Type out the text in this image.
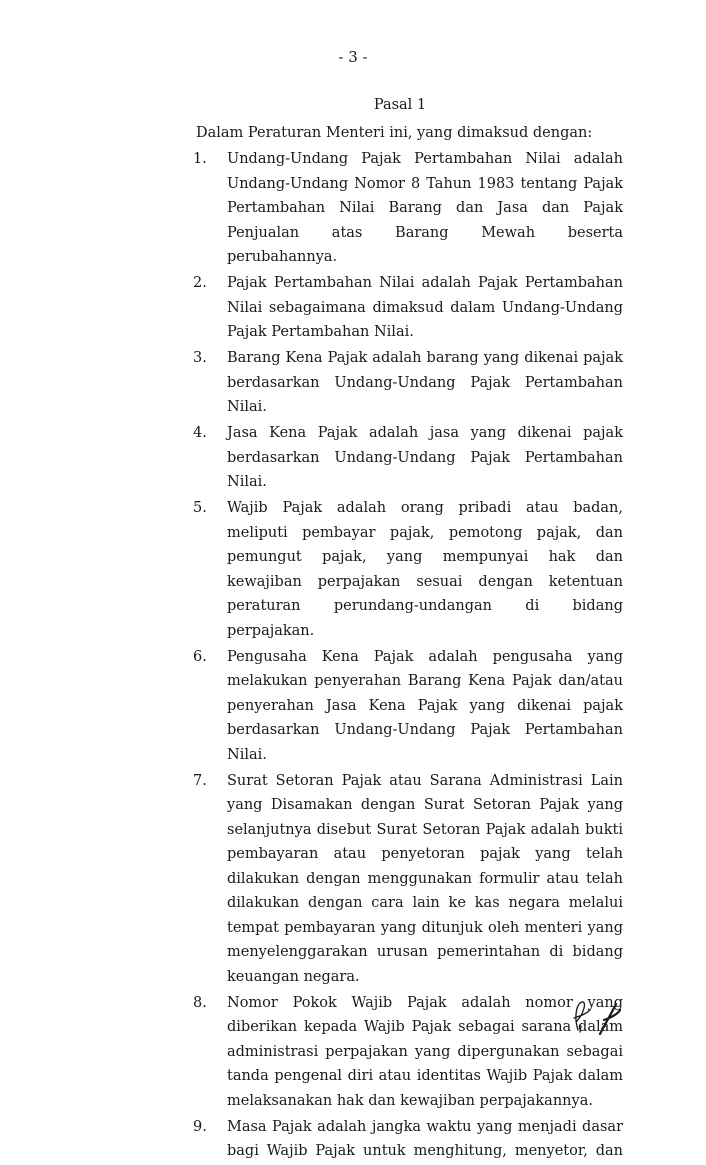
- 3 -
Pasal 1
Dalam Peraturan Menteri ini, yang dimaksud dengan:
1.	Undang-Undang Pajak Pertambahan Nilai adalah Undang-Undang Nomor 8 Tahun 1983 tentang Pajak Pertambahan Nilai Barang dan Jasa dan Pajak Penjualan atas Barang Mewah beserta perubahannya.
2.	Pajak Pertambahan Nilai adalah Pajak Pertambahan Nilai sebagaimana dimaksud dalam Undang-Undang Pajak Pertambahan Nilai.
3.	Barang Kena Pajak adalah barang yang dikenai pajak berdasarkan Undang-Undang Pajak Pertambahan Nilai.
4.	Jasa Kena Pajak adalah jasa yang dikenai pajak berdasarkan Undang-Undang Pajak Pertambahan Nilai.
5.	Wajib Pajak adalah orang pribadi atau badan, meliputi pembayar pajak, pemotong pajak, dan pemungut pajak, yang mempunyai hak dan kewajiban perpajakan sesuai dengan ketentuan peraturan perundang-undangan di bidang perpajakan.
6.	Pengusaha Kena Pajak adalah pengusaha yang melakukan penyerahan Barang Kena Pajak dan/atau penyerahan Jasa Kena Pajak yang dikenai pajak berdasarkan Undang-Undang Pajak Pertambahan Nilai.
7.	Surat Setoran Pajak atau Sarana Administrasi Lain yang Disamakan dengan Surat Setoran Pajak yang selanjutnya disebut Surat Setoran Pajak adalah bukti pembayaran atau penyetoran pajak yang telah dilakukan dengan menggunakan formulir atau telah dilakukan dengan cara lain ke kas negara melalui tempat pembayaran yang ditunjuk oleh menteri yang menyelenggarakan urusan pemerintahan di bidang keuangan negara.
8.	Nomor Pokok Wajib Pajak adalah nomor yang diberikan kepada Wajib Pajak sebagai sarana dalam administrasi perpajakan yang dipergunakan sebagai tanda pengenal diri atau identitas Wajib Pajak dalam melaksanakan hak dan kewajiban perpajakannya.
9.	Masa Pajak adalah jangka waktu yang menjadi dasar bagi Wajib Pajak untuk menghitung, menyetor, dan
